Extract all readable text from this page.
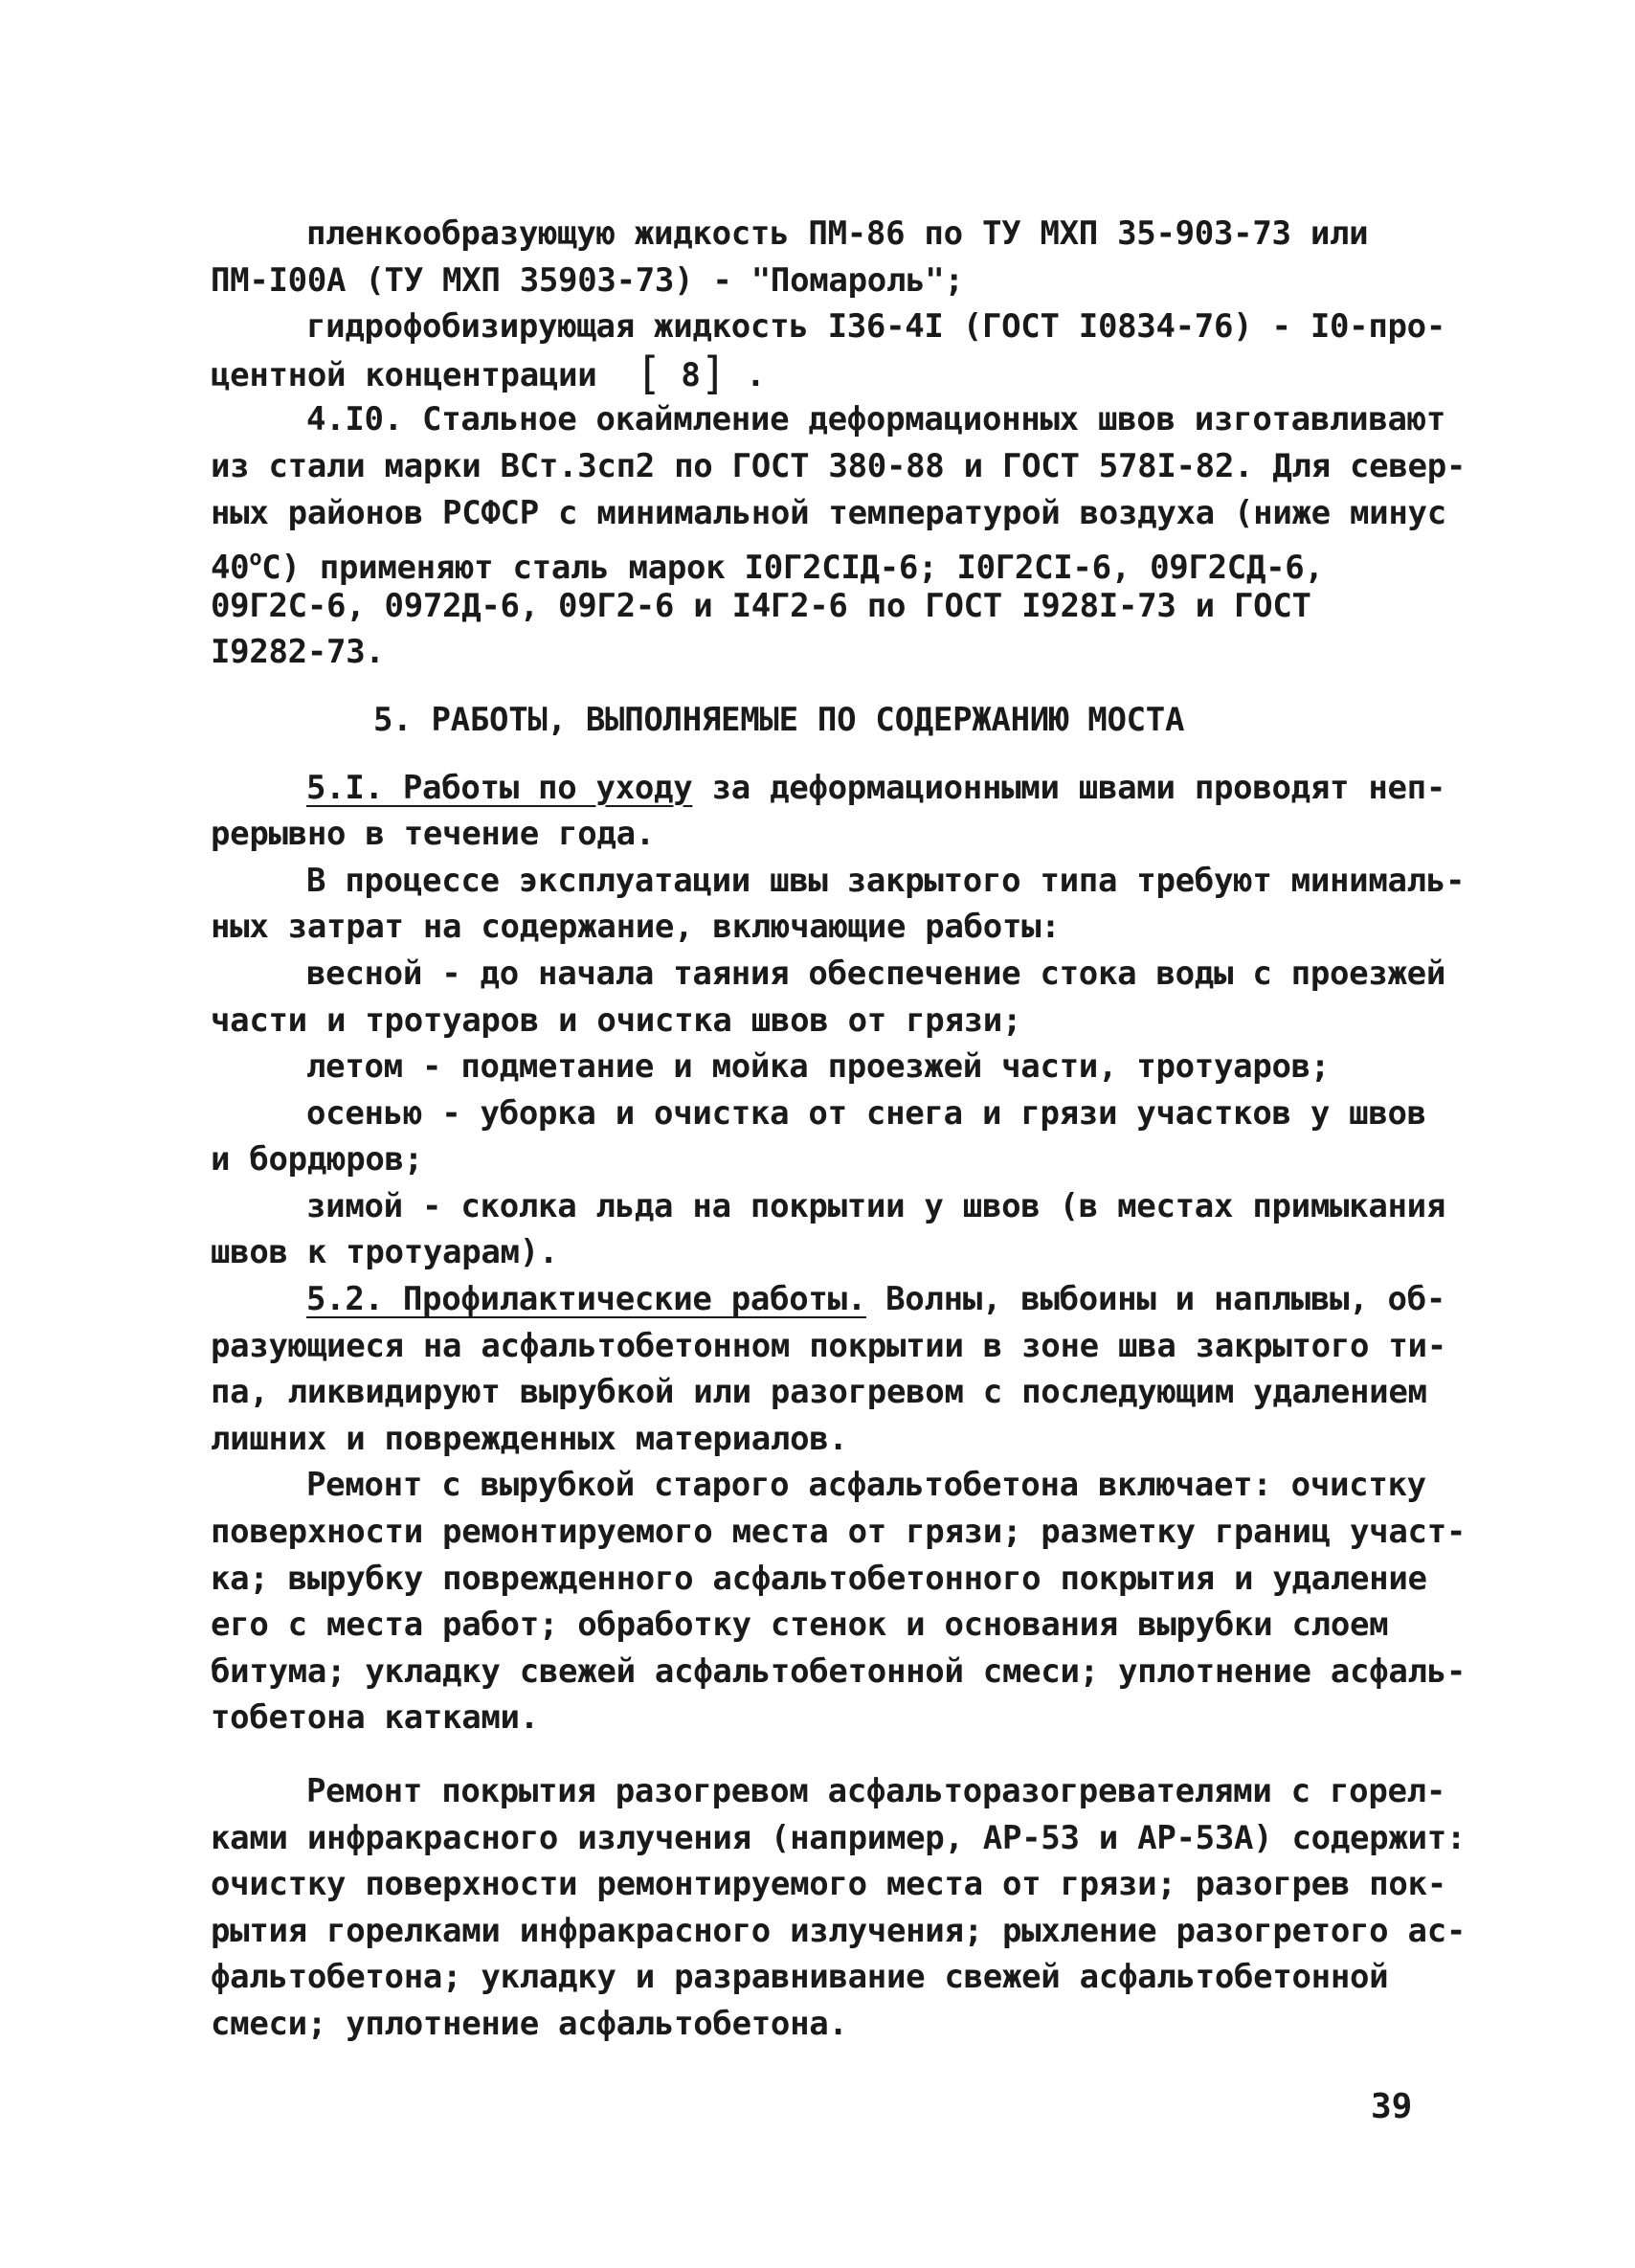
пленкообразующую жидкость ПМ-86 по ТУ МХП 35-903-73 или
ПМ-I00А (ТУ МХП 35903-73) - "Помароль";
гидрофобизирующая жидкость I36-4I (ГОСТ I0834-76) - I0-про-
центной концентрации [ 8] .
4.I0. Стальное окаймление деформационных швов изготавливают
из стали марки ВСт.3сп2 по ГОСТ 380-88 и ГОСТ 578I-82. Для север-
ных районов РСФСР с минимальной температурой воздуха (ниже минус
$40^оС$) применяют сталь марок I0Г2СIД-6; I0Г2СI-6, 09Г2СД-6,
09Г2С-6, 0972Д-6, 09Г2-6 и I4Г2-6 по ГОСТ I928I-73 и ГОСТ
I9282-73.
5. РАБОТЫ, ВЫПОЛНЯЕМЫЕ ПО СОДЕРЖАНИЮ МОСТА
5.I. Работы по уходу за деформационными швами проводят неп-
рерывно в течение года.
В процессе эксплуатации швы закрытого типа требуют минималь-
ных затрат на содержание, включающие работы:
весной - до начала таяния обеспечение стока воды с проезжей
части и тротуаров и очистка швов от грязи;
летом - подметание и мойка проезжей части, тротуаров;
осенью - уборка и очистка от снега и грязи участков у швов
и бордюров;
зимой - сколка льда на покрытии у швов (в местах примыкания
швов к тротуарам).
5.2. Профилактические работы. Волны, выбоины и наплывы, об-
разующиеся на асфальтобетонном покрытии в зоне шва закрытого ти-
па, ликвидируют вырубкой или разогревом с последующим удалением
лишних и поврежденных материалов.
Ремонт с вырубкой старого асфальтобетона включает: очистку
поверхности ремонтируемого места от грязи; разметку границ участ-
ка; вырубку поврежденного асфальтобетонного покрытия и удаление
его с места работ; обработку стенок и основания вырубки слоем
битума; укладку свежей асфальтобетонной смеси; уплотнение асфаль-
тобетона катками.
Ремонт покрытия разогревом асфальторазогревателями с горел-
ками инфракрасного излучения (например, АР-53 и АР-53А) содержит:
очистку поверхности ремонтируемого места от грязи; разогрев пок-
рытия горелками инфракрасного излучения; рыхление разогретого ас-
фальтобетона; укладку и разравнивание свежей асфальтобетонной
смеси; уплотнение асфальтобетона.
39
